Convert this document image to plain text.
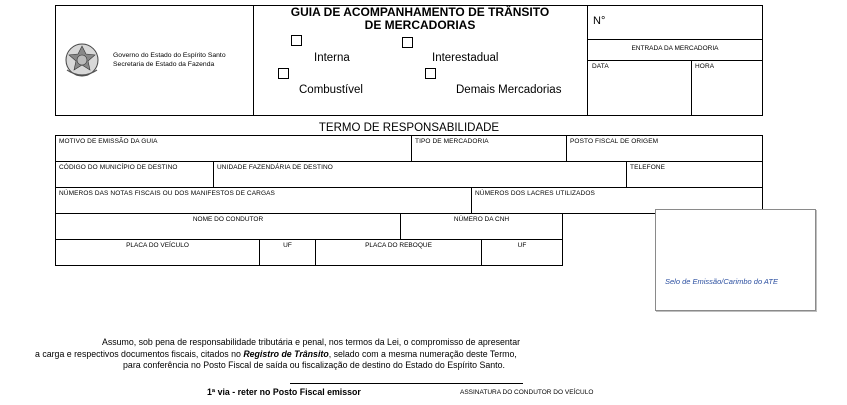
Governo do Estado do Espírito Santo
Secretaria de Estado da Fazenda
GUIA DE ACOMPANHAMENTO DE TRÂNSITO
DE MERCADORIAS
Interna	Interestadual
Combustível	Demais Mercadorias
N°
ENTRADA DA MERCADORIA
DATA	HORA
TERMO DE RESPONSABILIDADE
MOTIVO DE EMISSÃO DA GUIA	TIPO DE MERCADORIA	POSTO FISCAL DE ORIGEM
CÓDIGO DO MUNICÍPIO DE DESTINO	UNIDADE FAZENDÁRIA DE DESTINO	TELEFONE
NÚMEROS DAS NOTAS FISCAIS OU DOS MANIFESTOS DE CARGAS	NÚMEROS DOS LACRES UTILIZADOS
NOME DO CONDUTOR	NÚMERO DA CNH
PLACA DO VEÍCULO	UF	PLACA DO REBOQUE	UF
Selo de Emissão/Carimbo do ATE
Assumo, sob pena de responsabilidade tributária e penal, nos termos da Lei, o compromisso de apresentar
a carga e respectivos documentos fiscais, citados no Registro de Trânsito, selado com a mesma numeração deste Termo,
para conferência no Posto Fiscal de saída ou fiscalização de destino do Estado do Espírito Santo.
1ª via - reter no Posto Fiscal emissor	ASSINATURA DO CONDUTOR DO VEÍCULO
